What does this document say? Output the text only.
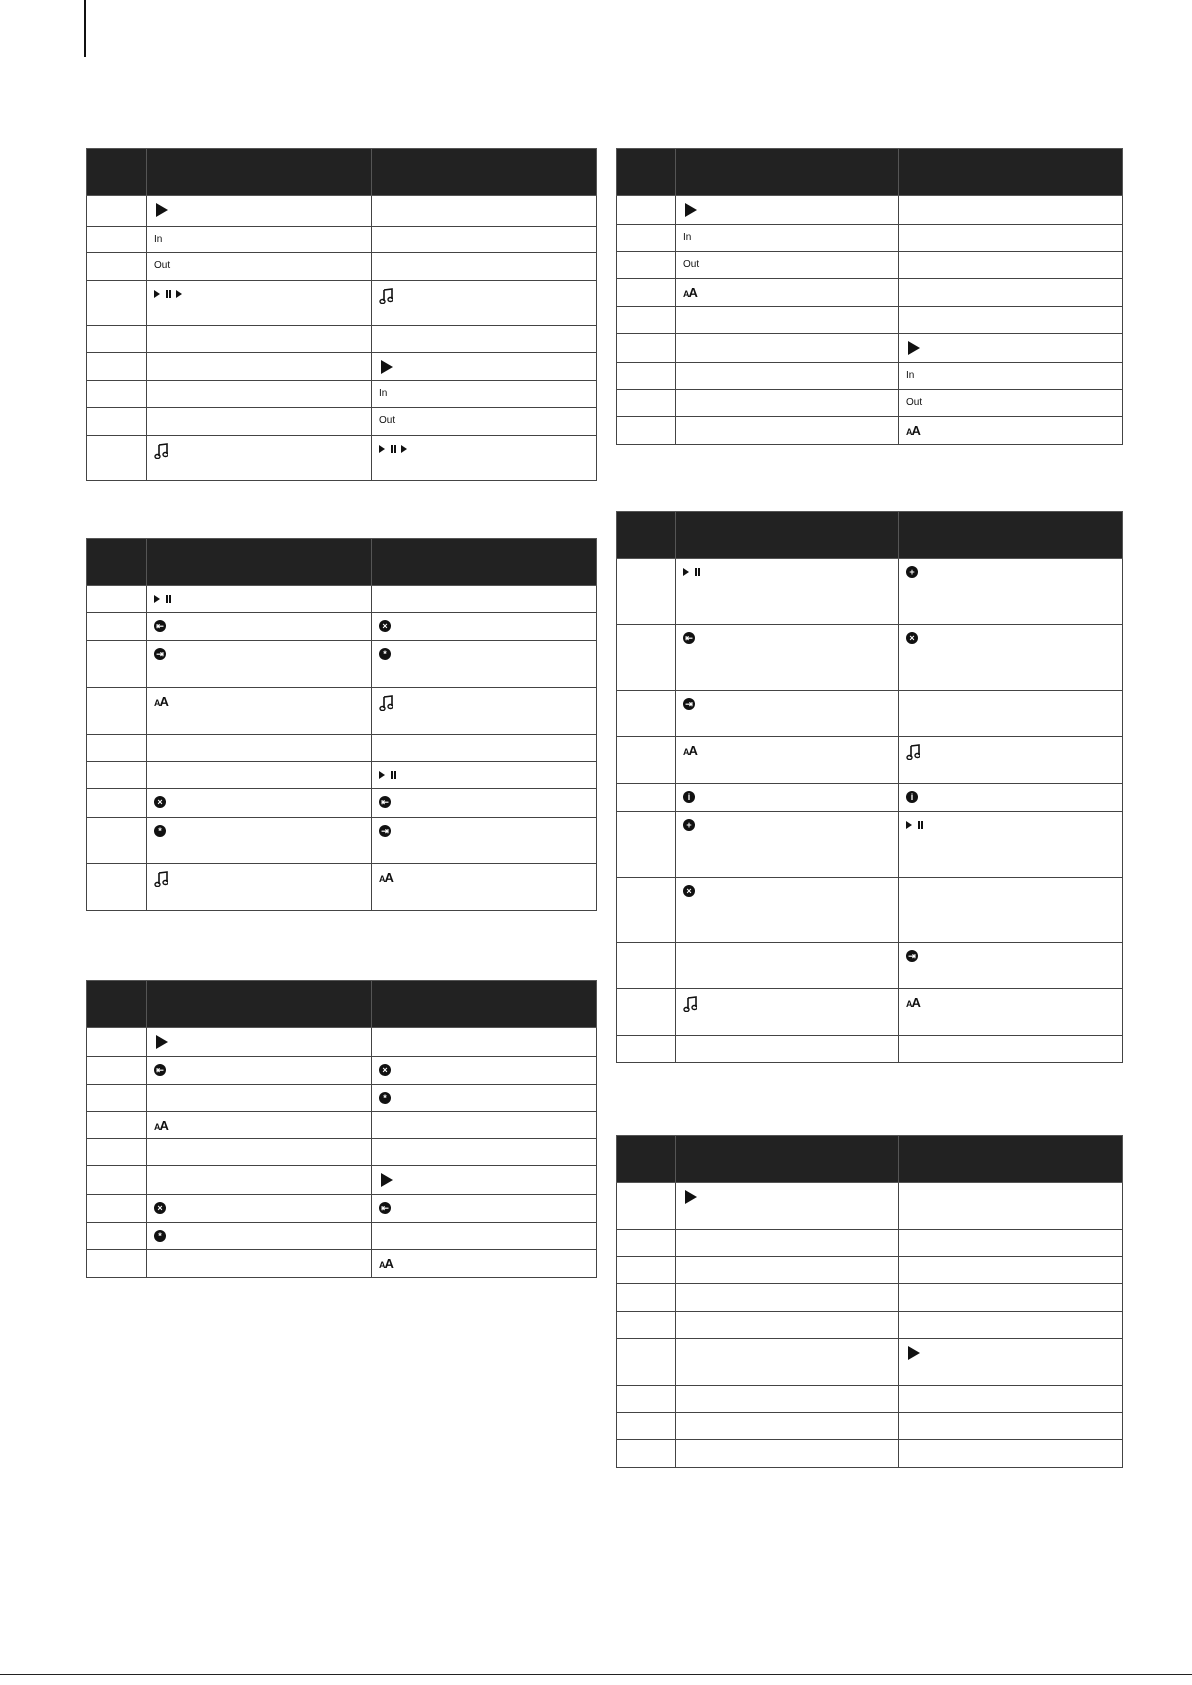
	In	

	Out	

		In

		Out

	⇤	×

	⇥	*

	AA

	×	⇤

	*	⇥

AA

	⇤	×

		*

	AA	

	×	⇤

	*	

		AA

	In	

	Out	

	AA	

		In

		Out

		AA

		+

	⇤	×

	⇥	

	AA

	i	i

	+	

	×	

		⇥

AA
